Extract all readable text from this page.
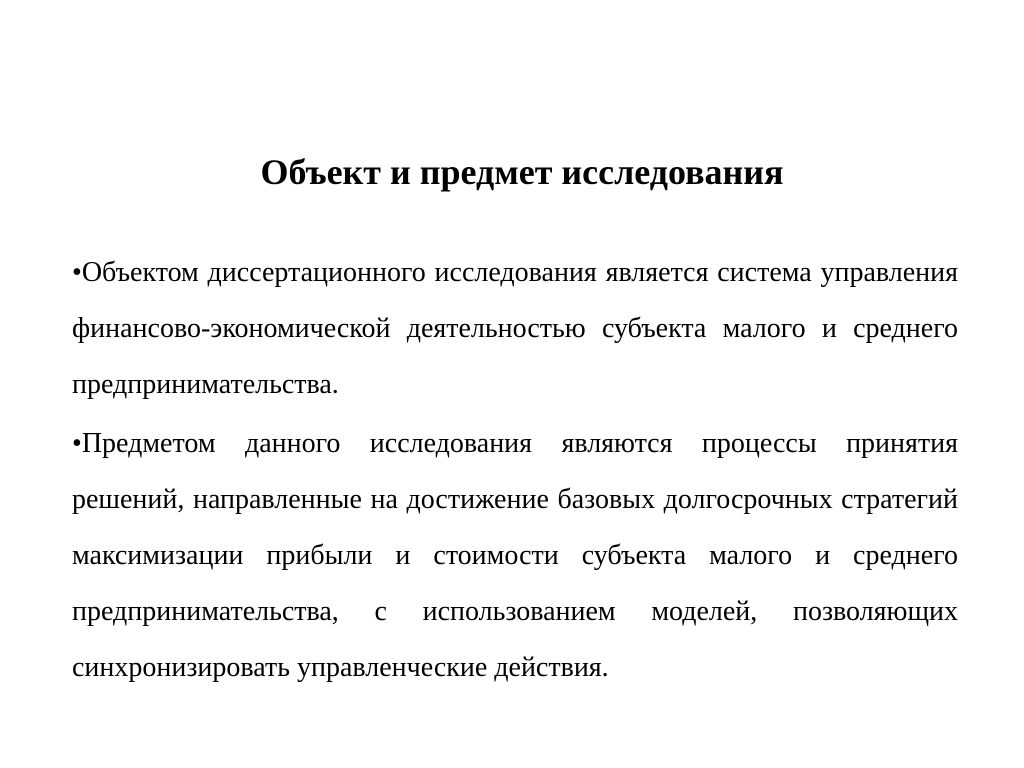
Объект и предмет исследования

•Объектом диссертационного исследования является система управления финансово-экономической деятельностью субъекта малого и среднего предпринимательства.

•Предметом данного исследования являются процессы принятия решений, направленные на достижение базовых долгосрочных стратегий максимизации прибыли и стоимости субъекта малого и среднего предпринимательства, с использованием моделей, позволяющих синхронизировать управленческие действия.
